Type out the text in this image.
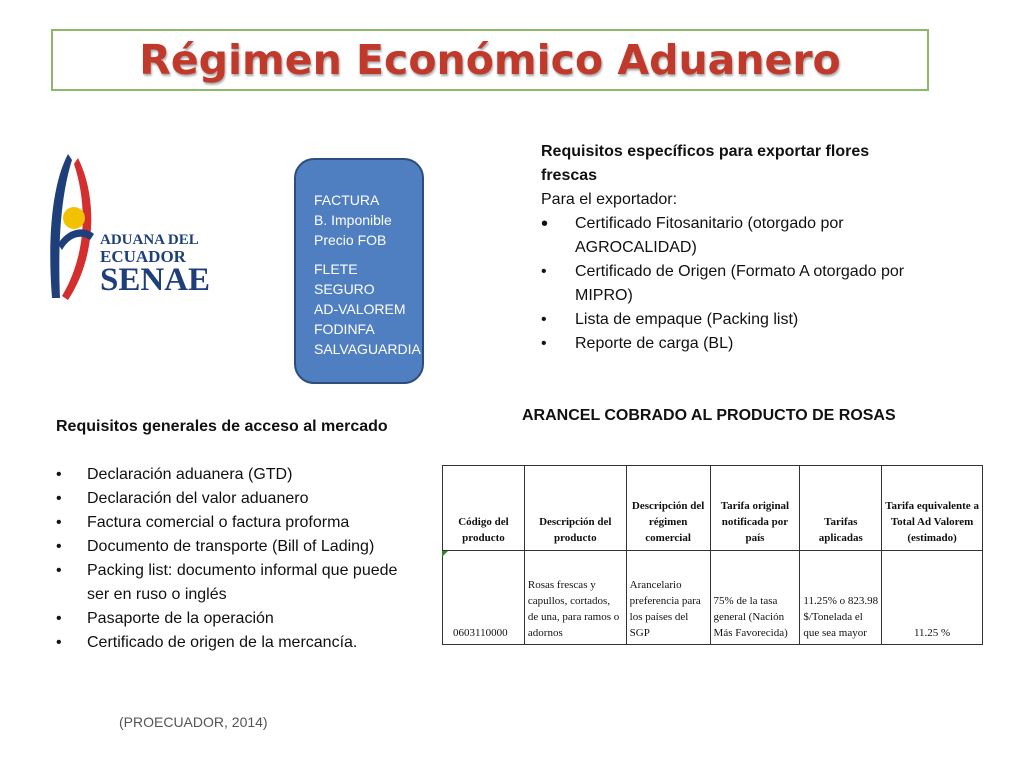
Régimen Económico Aduanero
ADUANA DEL
ECUADOR
SENAE
FACTURA
B. Imponible
Precio FOB
FLETE
SEGURO
AD-VALOREM
FODINFA
SALVAGUARDIA
Requisitos específicos para exportar flores frescas
Para el exportador:
• Certificado Fitosanitario (otorgado por AGROCALIDAD)
• Certificado de Origen (Formato A otorgado por MIPRO)
• Lista de empaque (Packing list)
• Reporte de carga (BL)
ARANCEL COBRADO AL PRODUCTO DE ROSAS
Requisitos generales de acceso al mercado
• Declaración aduanera (GTD)
• Declaración del valor aduanero
• Factura comercial o factura proforma
• Documento de transporte (Bill of Lading)
• Packing list: documento informal que puede ser en ruso o inglés
• Pasaporte de la operación
• Certificado de origen de la mercancía.
Código del producto	Descripción del producto	Descripción del régimen comercial	Tarifa original notificada por país	Tarifas aplicadas	Tarifa equivalente a Total Ad Valorem (estimado)
0603110000	Rosas frescas y capullos, cortados, de una, para ramos o adornos	Arancelario preferencia para los países del SGP	75% de la tasa general (Nación Más Favorecida)	11.25% o 823.98 $/Tonelada el que sea mayor	11.25 %
(PROECUADOR, 2014)
